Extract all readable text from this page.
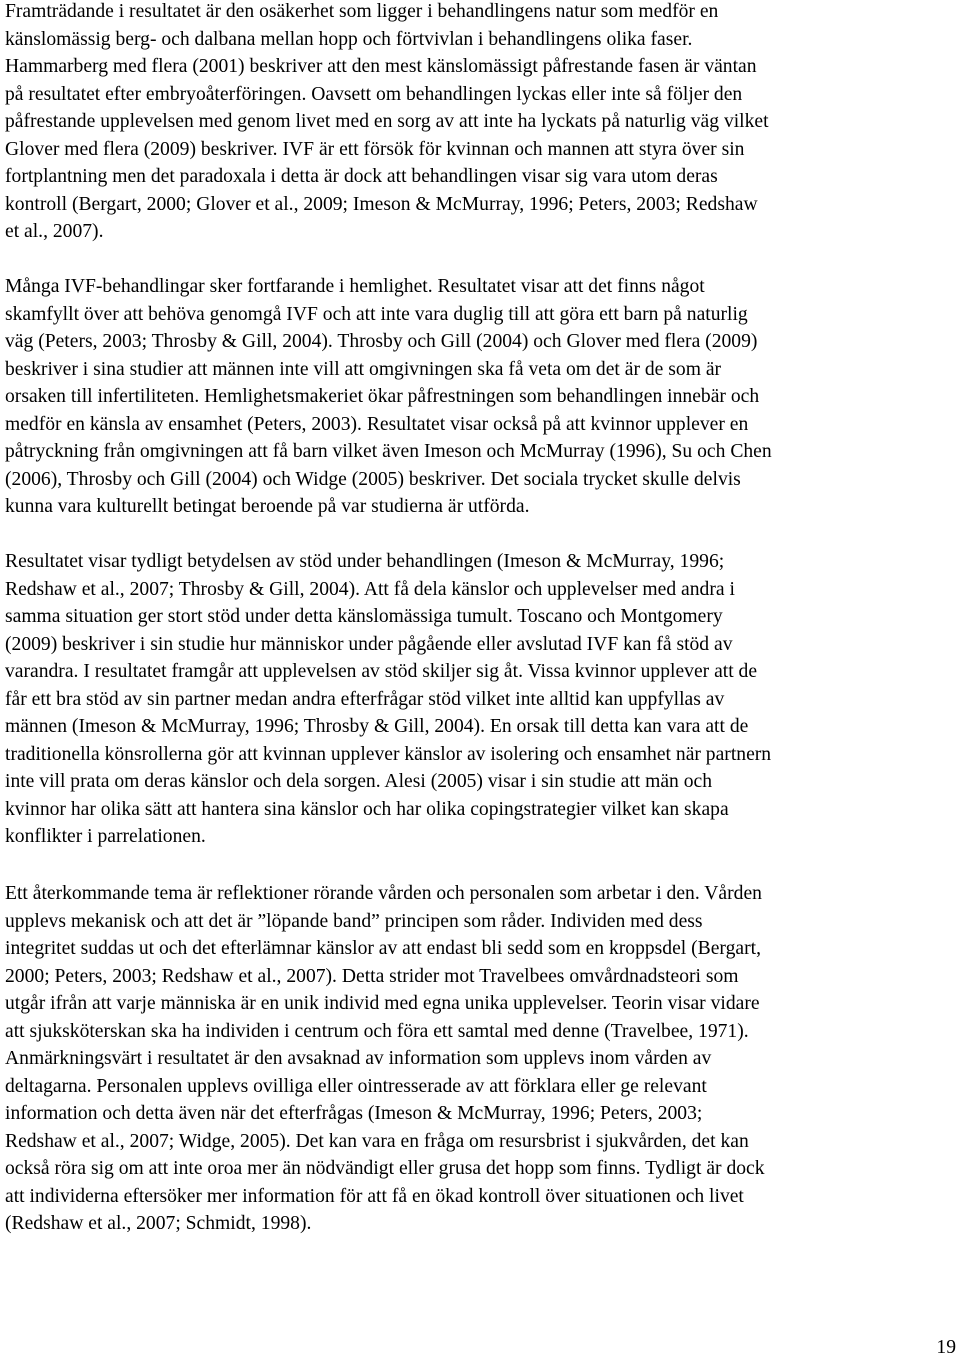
Framträdande i resultatet är den osäkerhet som ligger i behandlingens natur som medför en
känslomässig berg- och dalbana mellan hopp och förtvivlan i behandlingens olika faser.
Hammarberg med flera (2001) beskriver att den mest känslomässigt påfrestande fasen är väntan
på resultatet efter embryoåterföringen. Oavsett om behandlingen lyckas eller inte så följer den
påfrestande upplevelsen med genom livet med en sorg av att inte ha lyckats på naturlig väg vilket
Glover med flera (2009) beskriver. IVF är ett försök för kvinnan och mannen att styra över sin
fortplantning men det paradoxala i detta är dock att behandlingen visar sig vara utom deras
kontroll (Bergart, 2000; Glover et al., 2009; Imeson & McMurray, 1996; Peters, 2003; Redshaw
et al., 2007).
Många IVF-behandlingar sker fortfarande i hemlighet. Resultatet visar att det finns något
skamfyllt över att behöva genomgå IVF och att inte vara duglig till att göra ett barn på naturlig
väg (Peters, 2003; Throsby & Gill, 2004). Throsby och Gill (2004) och Glover med flera (2009)
beskriver i sina studier att männen inte vill att omgivningen ska få veta om det är de som är
orsaken till infertiliteten. Hemlighetsmakeriet ökar påfrestningen som behandlingen innebär och
medför en känsla av ensamhet (Peters, 2003). Resultatet visar också på att kvinnor upplever en
påtryckning från omgivningen att få barn vilket även Imeson och McMurray (1996), Su och Chen
(2006), Throsby och Gill (2004) och Widge (2005) beskriver. Det sociala trycket skulle delvis
kunna vara kulturellt betingat beroende på var studierna är utförda.
Resultatet visar tydligt betydelsen av stöd under behandlingen (Imeson & McMurray, 1996;
Redshaw et al., 2007; Throsby & Gill, 2004). Att få dela känslor och upplevelser med andra i
samma situation ger stort stöd under detta känslomässiga tumult. Toscano och Montgomery
(2009) beskriver i sin studie hur människor under pågående eller avslutad IVF kan få stöd av
varandra. I resultatet framgår att upplevelsen av stöd skiljer sig åt. Vissa kvinnor upplever att de
får ett bra stöd av sin partner medan andra efterfrågar stöd vilket inte alltid kan uppfyllas av
männen (Imeson & McMurray, 1996; Throsby & Gill, 2004). En orsak till detta kan vara att de
traditionella könsrollerna gör att kvinnan upplever känslor av isolering och ensamhet när partnern
inte vill prata om deras känslor och dela sorgen. Alesi (2005) visar i sin studie att män och
kvinnor har olika sätt att hantera sina känslor och har olika copingstrategier vilket kan skapa
konflikter i parrelationen.
Ett återkommande tema är reflektioner rörande vården och personalen som arbetar i den. Vården
upplevs mekanisk och att det är ”löpande band” principen som råder. Individen med dess
integritet suddas ut och det efterlämnar känslor av att endast bli sedd som en kroppsdel (Bergart,
2000; Peters, 2003; Redshaw et al., 2007). Detta strider mot Travelbees omvårdnadsteori som
utgår ifrån att varje människa är en unik individ med egna unika upplevelser. Teorin visar vidare
att sjuksköterskan ska ha individen i centrum och föra ett samtal med denne (Travelbee, 1971).
Anmärkningsvärt i resultatet är den avsaknad av information som upplevs inom vården av
deltagarna. Personalen upplevs ovilliga eller ointresserade av att förklara eller ge relevant
information och detta även när det efterfrågas (Imeson & McMurray, 1996; Peters, 2003;
Redshaw et al., 2007; Widge, 2005). Det kan vara en fråga om resursbrist i sjukvården, det kan
också röra sig om att inte oroa mer än nödvändigt eller grusa det hopp som finns. Tydligt är dock
att individerna eftersöker mer information för att få en ökad kontroll över situationen och livet
(Redshaw et al., 2007; Schmidt, 1998).
19
